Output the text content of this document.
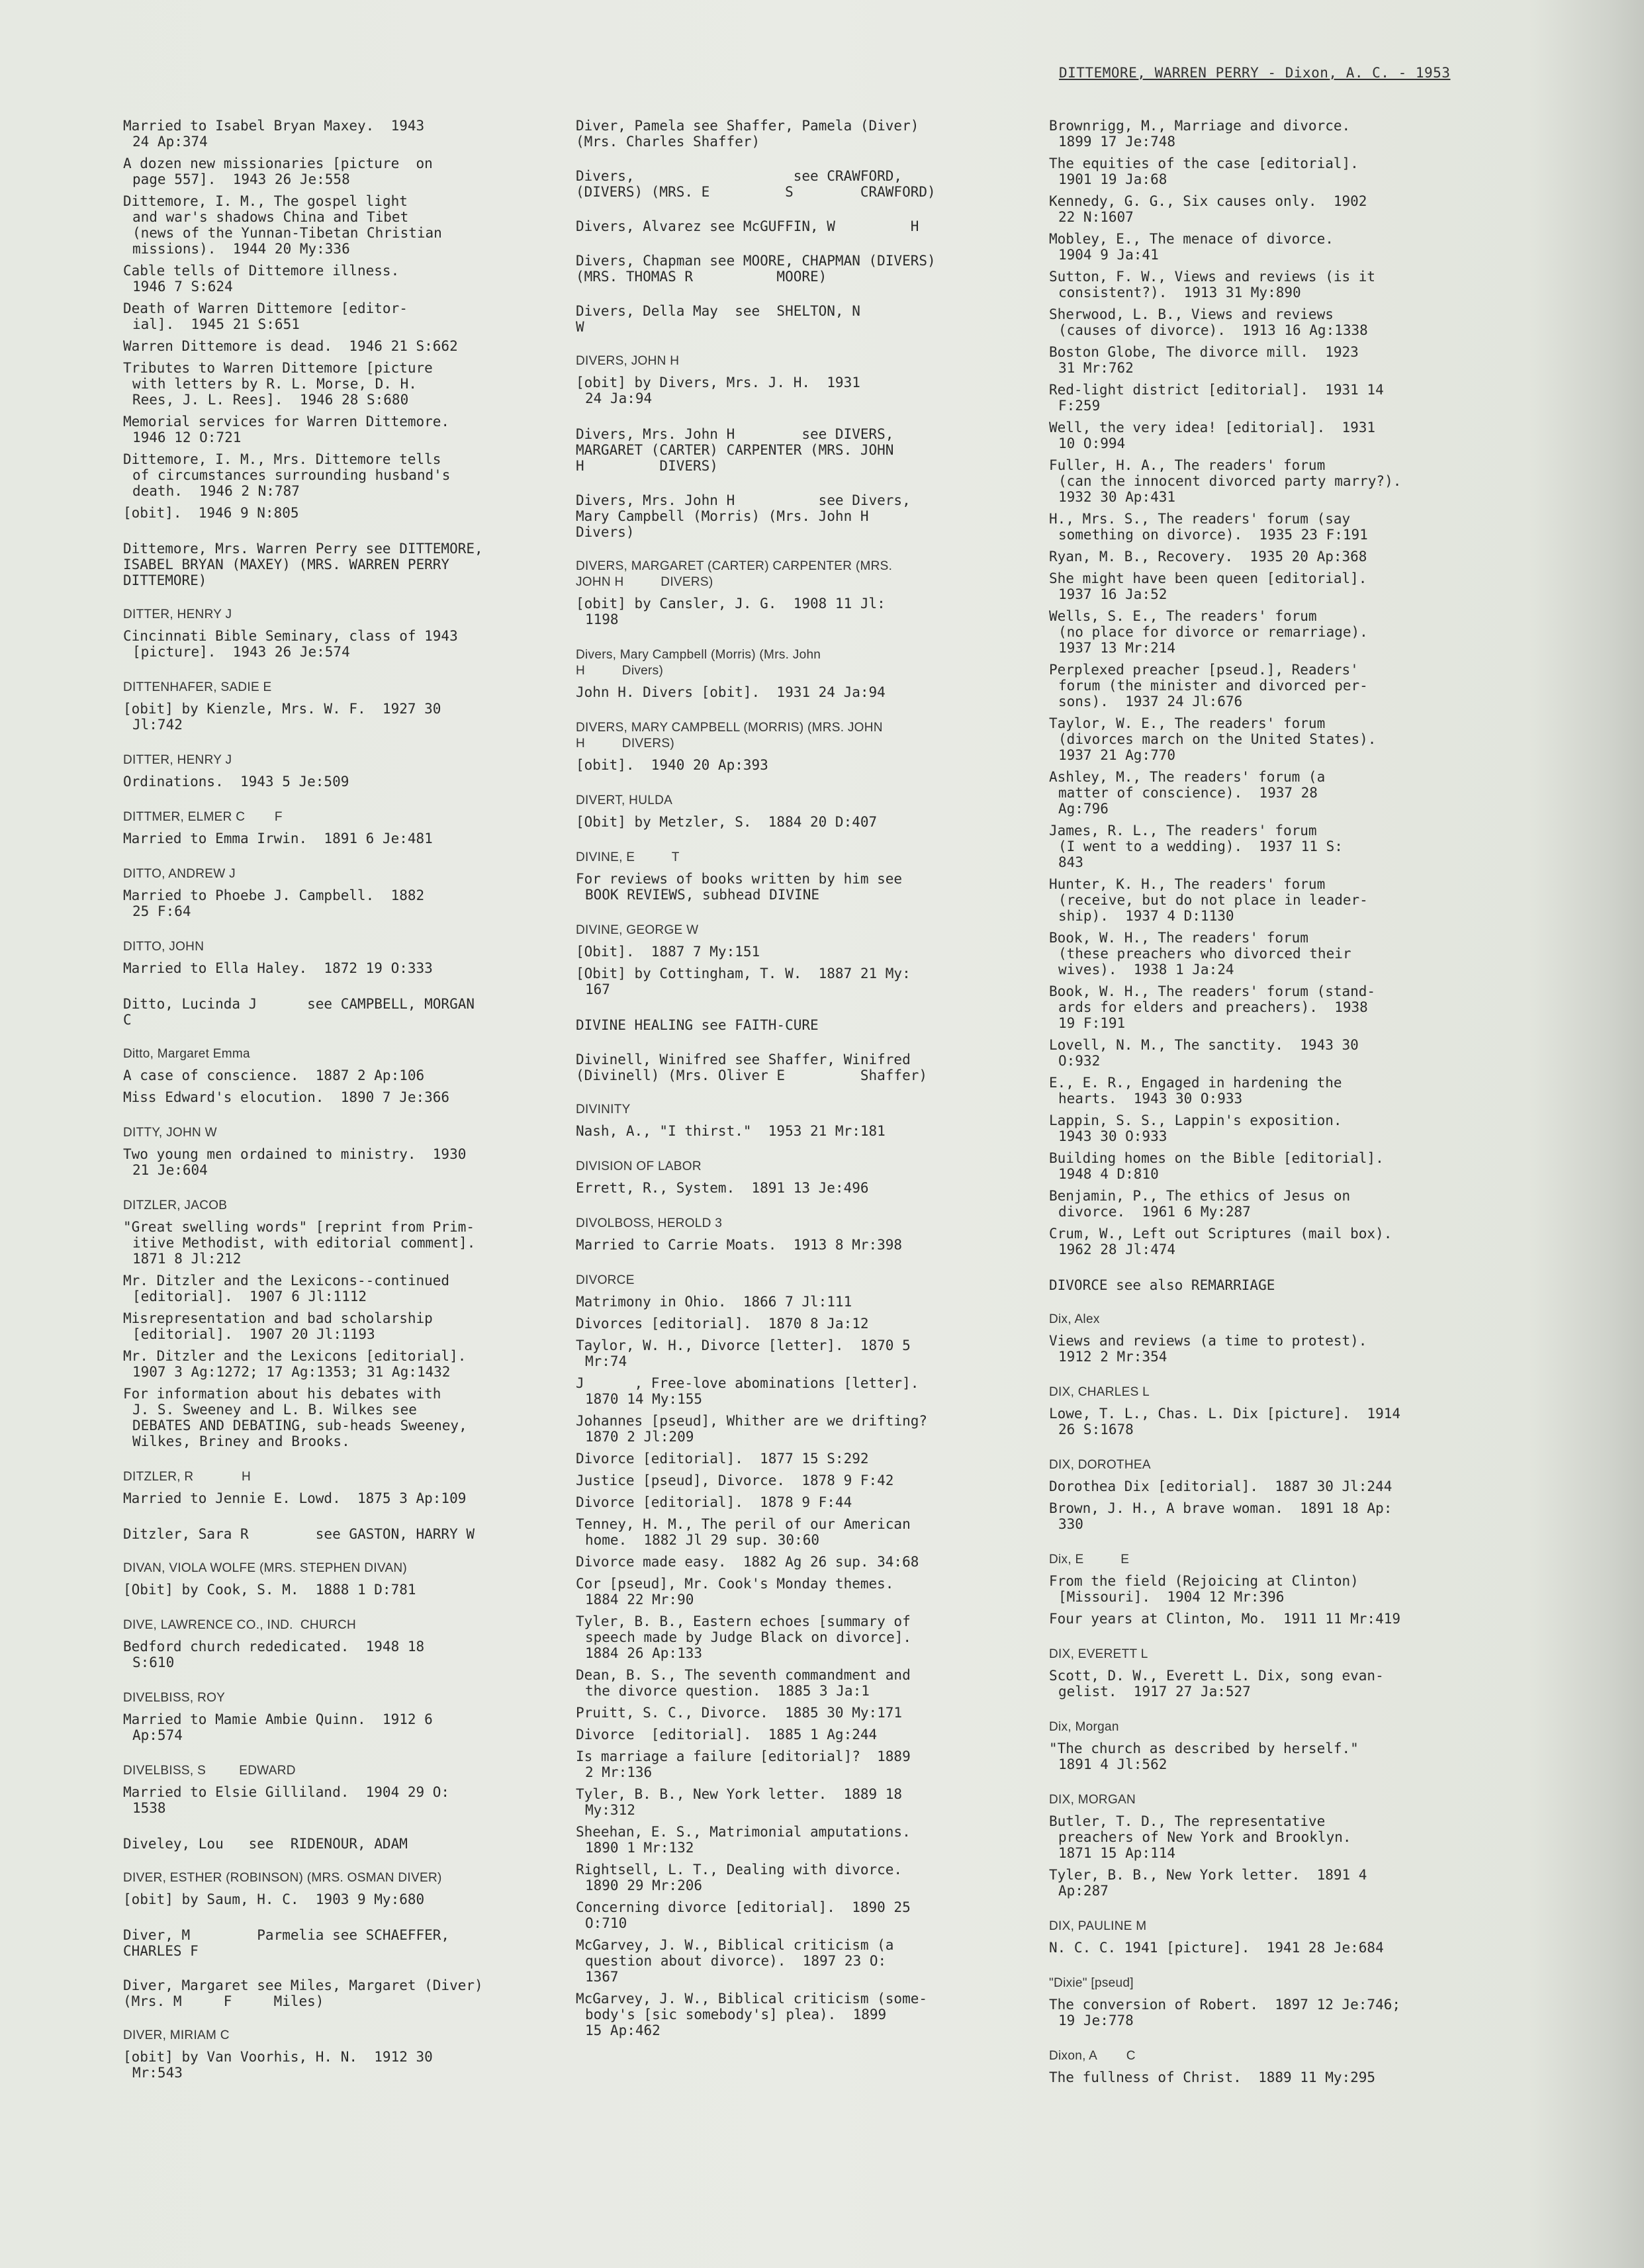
DITTEMORE, WARREN PERRY - Dixon, A. C. - 1953
Married to Isabel Bryan Maxey.  1943
24 Ap:374
A dozen new missionaries [picture  on
page 557].  1943 26 Je:558
Dittemore, I. M., The gospel light
and war's shadows China and Tibet
(news of the Yunnan-Tibetan Christian
missions).  1944 20 My:336
Cable tells of Dittemore illness.
1946 7 S:624
Death of Warren Dittemore [editor-
ial].  1945 21 S:651
Warren Dittemore is dead.  1946 21 S:662
Tributes to Warren Dittemore [picture
with letters by R. L. Morse, D. H.
Rees, J. L. Rees].  1946 28 S:680
Memorial services for Warren Dittemore.
1946 12 O:721
Dittemore, I. M., Mrs. Dittemore tells
of circumstances surrounding husband's
death.  1946 2 N:787
[obit].  1946 9 N:805
Dittemore, Mrs. Warren Perry see DITTEMORE,
ISABEL BRYAN (MAXEY) (MRS. WARREN PERRY
DITTEMORE)
DITTER, HENRY J
Cincinnati Bible Seminary, class of 1943
[picture].  1943 26 Je:574
DITTENHAFER, SADIE E
[obit] by Kienzle, Mrs. W. F.  1927 30
Jl:742
DITTER, HENRY J
Ordinations.  1943 5 Je:509
DITTMER, ELMER C        F
Married to Emma Irwin.  1891 6 Je:481
DITTO, ANDREW J
Married to Phoebe J. Campbell.  1882
25 F:64
DITTO, JOHN
Married to Ella Haley.  1872 19 O:333
Ditto, Lucinda J      see CAMPBELL, MORGAN
C
Ditto, Margaret Emma
A case of conscience.  1887 2 Ap:106
Miss Edward's elocution.  1890 7 Je:366
DITTY, JOHN W
Two young men ordained to ministry.  1930
21 Je:604
DITZLER, JACOB
"Great swelling words" [reprint from Prim-
itive Methodist, with editorial comment].
1871 8 Jl:212
Mr. Ditzler and the Lexicons--continued
[editorial].  1907 6 Jl:1112
Misrepresentation and bad scholarship
[editorial].  1907 20 Jl:1193
Mr. Ditzler and the Lexicons [editorial].
1907 3 Ag:1272; 17 Ag:1353; 31 Ag:1432
For information about his debates with
J. S. Sweeney and L. B. Wilkes see
DEBATES AND DEBATING, sub-heads Sweeney,
Wilkes, Briney and Brooks.
DITZLER, R             H
Married to Jennie E. Lowd.  1875 3 Ap:109
Ditzler, Sara R        see GASTON, HARRY W
DIVAN, VIOLA WOLFE (MRS. STEPHEN DIVAN)
[Obit] by Cook, S. M.  1888 1 D:781
DIVE, LAWRENCE CO., IND.  CHURCH
Bedford church rededicated.  1948 18
S:610
DIVELBISS, ROY
Married to Mamie Ambie Quinn.  1912 6
Ap:574
DIVELBISS, S         EDWARD
Married to Elsie Gilliland.  1904 29 O:
1538
Diveley, Lou   see  RIDENOUR, ADAM
DIVER, ESTHER (ROBINSON) (MRS. OSMAN DIVER)
[obit] by Saum, H. C.  1903 9 My:680
Diver, M        Parmelia see SCHAEFFER,
CHARLES F
Diver, Margaret see Miles, Margaret (Diver)
(Mrs. M     F     Miles)
DIVER, MIRIAM C
[obit] by Van Voorhis, H. N.  1912 30
Mr:543
Diver, Pamela see Shaffer, Pamela (Diver)
(Mrs. Charles Shaffer)
Divers,                   see CRAWFORD,
(DIVERS) (MRS. E         S        CRAWFORD)
Divers, Alvarez see McGUFFIN, W         H
Divers, Chapman see MOORE, CHAPMAN (DIVERS)
(MRS. THOMAS R          MOORE)
Divers, Della May  see  SHELTON, N
W
DIVERS, JOHN H
[obit] by Divers, Mrs. J. H.  1931
24 Ja:94
Divers, Mrs. John H        see DIVERS,
MARGARET (CARTER) CARPENTER (MRS. JOHN
H         DIVERS)
Divers, Mrs. John H          see Divers,
Mary Campbell (Morris) (Mrs. John H
Divers)
DIVERS, MARGARET (CARTER) CARPENTER (MRS.
JOHN H          DIVERS)
[obit] by Cansler, J. G.  1908 11 Jl:
1198
Divers, Mary Campbell (Morris) (Mrs. John
H          Divers)
John H. Divers [obit].  1931 24 Ja:94
DIVERS, MARY CAMPBELL (MORRIS) (MRS. JOHN
H          DIVERS)
[obit].  1940 20 Ap:393
DIVERT, HULDA
[Obit] by Metzler, S.  1884 20 D:407
DIVINE, E          T
For reviews of books written by him see
BOOK REVIEWS, subhead DIVINE
DIVINE, GEORGE W
[Obit].  1887 7 My:151
[Obit] by Cottingham, T. W.  1887 21 My:
167
DIVINE HEALING see FAITH-CURE
Divinell, Winifred see Shaffer, Winifred
(Divinell) (Mrs. Oliver E         Shaffer)
DIVINITY
Nash, A., "I thirst."  1953 21 Mr:181
DIVISION OF LABOR
Errett, R., System.  1891 13 Je:496
DIVOLBOSS, HEROLD 3
Married to Carrie Moats.  1913 8 Mr:398
DIVORCE
Matrimony in Ohio.  1866 7 Jl:111
Divorces [editorial].  1870 8 Ja:12
Taylor, W. H., Divorce [letter].  1870 5
Mr:74
J      , Free-love abominations [letter].
1870 14 My:155
Johannes [pseud], Whither are we drifting?
1870 2 Jl:209
Divorce [editorial].  1877 15 S:292
Justice [pseud], Divorce.  1878 9 F:42
Divorce [editorial].  1878 9 F:44
Tenney, H. M., The peril of our American
home.  1882 Jl 29 sup. 30:60
Divorce made easy.  1882 Ag 26 sup. 34:68
Cor [pseud], Mr. Cook's Monday themes.
1884 22 Mr:90
Tyler, B. B., Eastern echoes [summary of
speech made by Judge Black on divorce].
1884 26 Ap:133
Dean, B. S., The seventh commandment and
the divorce question.  1885 3 Ja:1
Pruitt, S. C., Divorce.  1885 30 My:171
Divorce  [editorial].  1885 1 Ag:244
Is marriage a failure [editorial]?  1889
2 Mr:136
Tyler, B. B., New York letter.  1889 18
My:312
Sheehan, E. S., Matrimonial amputations.
1890 1 Mr:132
Rightsell, L. T., Dealing with divorce.
1890 29 Mr:206
Concerning divorce [editorial].  1890 25
O:710
McGarvey, J. W., Biblical criticism (a
question about divorce).  1897 23 O:
1367
McGarvey, J. W., Biblical criticism (some-
body's [sic somebody's] plea).  1899
15 Ap:462
Brownrigg, M., Marriage and divorce.
1899 17 Je:748
The equities of the case [editorial].
1901 19 Ja:68
Kennedy, G. G., Six causes only.  1902
22 N:1607
Mobley, E., The menace of divorce.
1904 9 Ja:41
Sutton, F. W., Views and reviews (is it
consistent?).  1913 31 My:890
Sherwood, L. B., Views and reviews
(causes of divorce).  1913 16 Ag:1338
Boston Globe, The divorce mill.  1923
31 Mr:762
Red-light district [editorial].  1931 14
F:259
Well, the very idea! [editorial].  1931
10 O:994
Fuller, H. A., The readers' forum
(can the innocent divorced party marry?).
1932 30 Ap:431
H., Mrs. S., The readers' forum (say
something on divorce).  1935 23 F:191
Ryan, M. B., Recovery.  1935 20 Ap:368
She might have been queen [editorial].
1937 16 Ja:52
Wells, S. E., The readers' forum
(no place for divorce or remarriage).
1937 13 Mr:214
Perplexed preacher [pseud.], Readers'
forum (the minister and divorced per-
sons).  1937 24 Jl:676
Taylor, W. E., The readers' forum
(divorces march on the United States).
1937 21 Ag:770
Ashley, M., The readers' forum (a
matter of conscience).  1937 28
Ag:796
James, R. L., The readers' forum
(I went to a wedding).  1937 11 S:
843
Hunter, K. H., The readers' forum
(receive, but do not place in leader-
ship).  1937 4 D:1130
Book, W. H., The readers' forum
(these preachers who divorced their
wives).  1938 1 Ja:24
Book, W. H., The readers' forum (stand-
ards for elders and preachers).  1938
19 F:191
Lovell, N. M., The sanctity.  1943 30
O:932
E., E. R., Engaged in hardening the
hearts.  1943 30 O:933
Lappin, S. S., Lappin's exposition.
1943 30 O:933
Building homes on the Bible [editorial].
1948 4 D:810
Benjamin, P., The ethics of Jesus on
divorce.  1961 6 My:287
Crum, W., Left out Scriptures (mail box).
1962 28 Jl:474
DIVORCE see also REMARRIAGE
Dix, Alex
Views and reviews (a time to protest).
1912 2 Mr:354
DIX, CHARLES L
Lowe, T. L., Chas. L. Dix [picture].  1914
26 S:1678
DIX, DOROTHEA
Dorothea Dix [editorial].  1887 30 Jl:244
Brown, J. H., A brave woman.  1891 18 Ap:
330
Dix, E          E
From the field (Rejoicing at Clinton)
[Missouri].  1904 12 Mr:396
Four years at Clinton, Mo.  1911 11 Mr:419
DIX, EVERETT L
Scott, D. W., Everett L. Dix, song evan-
gelist.  1917 27 Ja:527
Dix, Morgan
"The church as described by herself."
1891 4 Jl:562
DIX, MORGAN
Butler, T. D., The representative
preachers of New York and Brooklyn.
1871 15 Ap:114
Tyler, B. B., New York letter.  1891 4
Ap:287
DIX, PAULINE M
N. C. C. 1941 [picture].  1941 28 Je:684
"Dixie" [pseud]
The conversion of Robert.  1897 12 Je:746;
19 Je:778
Dixon, A        C
The fullness of Christ.  1889 11 My:295
